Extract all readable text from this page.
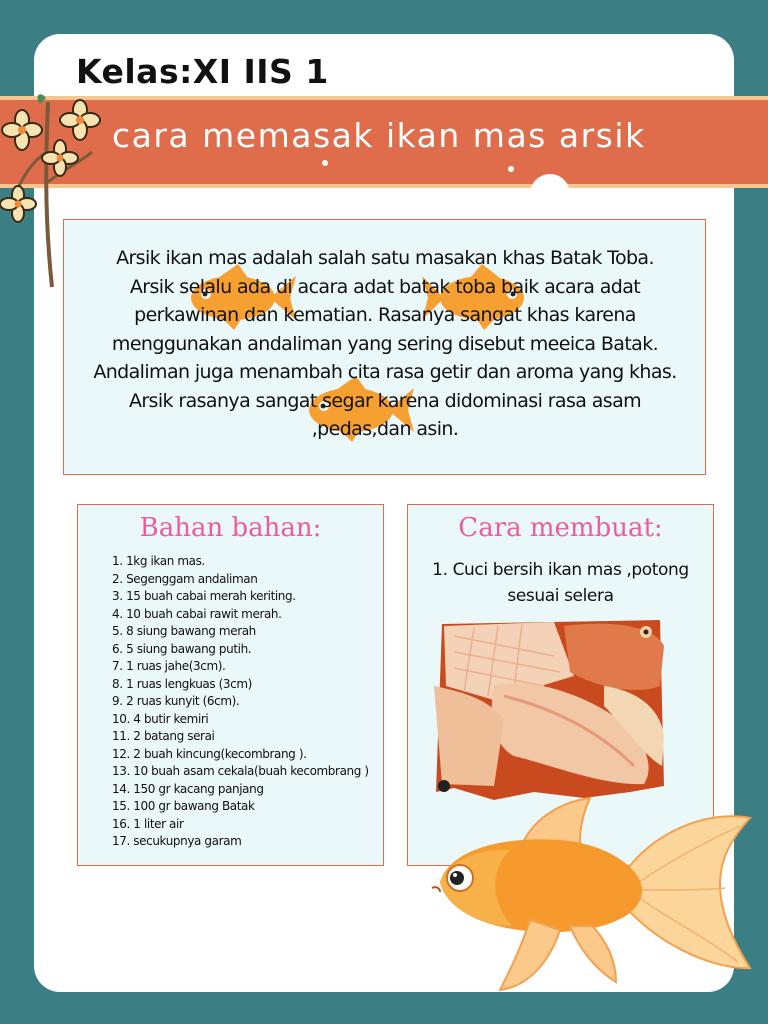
Kelas:XI IIS 1
cara memasak ikan mas arsik
Arsik ikan mas adalah salah satu masakan khas Batak Toba.
Arsik selalu ada di acara adat batak toba baik acara adat
perkawinan dan kematian. Rasanya sangat khas karena
menggunakan andaliman yang sering disebut meeica Batak.
Andaliman juga menambah cita rasa getir dan aroma yang khas.
Arsik rasanya sangat segar karena didominasi rasa asam
,pedas,dan asin.
Bahan bahan:
1. 1kg ikan mas.
2. Segenggam andaliman
3. 15 buah cabai merah keriting.
4. 10 buah cabai rawit merah.
5. 8 siung bawang merah
6. 5 siung bawang putih.
7. 1 ruas jahe(3cm).
8. 1 ruas lengkuas (3cm)
9. 2 ruas kunyit (6cm).
10. 4 butir kemiri
11. 2 batang serai
12. 2 buah kincung(kecombrang ).
13. 10 buah asam cekala(buah kecombrang )
14. 150 gr kacang panjang
15. 100 gr bawang Batak
16. 1 liter air
17. secukupnya garam
Cara membuat:
1. Cuci bersih ikan mas ,potong
sesuai selera
